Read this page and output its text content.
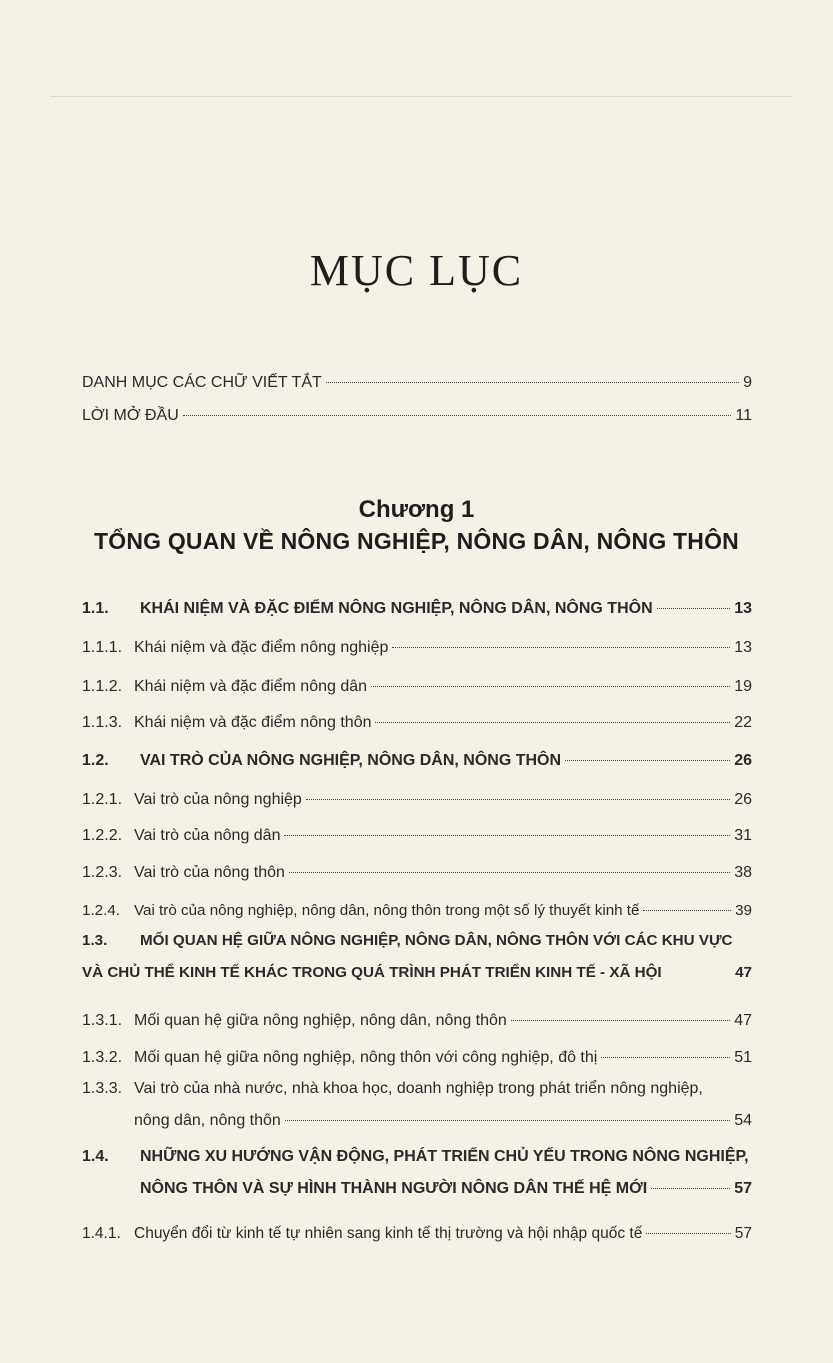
MỤC LỤC
DANH MỤC CÁC CHỮ VIẾT TẮT	9
LỜI MỞ ĐẦU	11
Chương 1
TỔNG QUAN VỀ NÔNG NGHIỆP, NÔNG DÂN, NÔNG THÔN
1.1.	KHÁI NIỆM VÀ ĐẶC ĐIỂM NÔNG NGHIỆP, NÔNG DÂN, NÔNG THÔN	13
1.1.1. Khái niệm và đặc điểm nông nghiệp	13
1.1.2. Khái niệm và đặc điểm nông dân	19
1.1.3. Khái niệm và đặc điểm nông thôn	22
1.2.	VAI TRÒ CỦA NÔNG NGHIỆP, NÔNG DÂN, NÔNG THÔN	26
1.2.1. Vai trò của nông nghiệp	26
1.2.2. Vai trò của nông dân	31
1.2.3. Vai trò của nông thôn	38
1.2.4. Vai trò của nông nghiệp, nông dân, nông thôn trong một số lý thuyết kinh tế	39
1.3.	MỐI QUAN HỆ GIỮA NÔNG NGHIỆP, NÔNG DÂN, NÔNG THÔN VỚI CÁC KHU VỰC
VÀ CHỦ THỂ KINH TẾ KHÁC TRONG QUÁ TRÌNH PHÁT TRIỂN KINH TẾ - XÃ HỘI	47
1.3.1. Mối quan hệ giữa nông nghiệp, nông dân, nông thôn	47
1.3.2. Mối quan hệ giữa nông nghiệp, nông thôn với công nghiệp, đô thị	51
1.3.3. Vai trò của nhà nước, nhà khoa học, doanh nghiệp trong phát triển nông nghiệp,
nông dân, nông thôn	54
1.4.	NHỮNG XU HƯỚNG VẬN ĐỘNG, PHÁT TRIỂN CHỦ YẾU TRONG NÔNG NGHIỆP,
NÔNG THÔN VÀ SỰ HÌNH THÀNH NGƯỜI NÔNG DÂN THẾ HỆ MỚI	57
1.4.1. Chuyển đổi từ kinh tế tự nhiên sang kinh tế thị trường và hội nhập quốc tế	57
